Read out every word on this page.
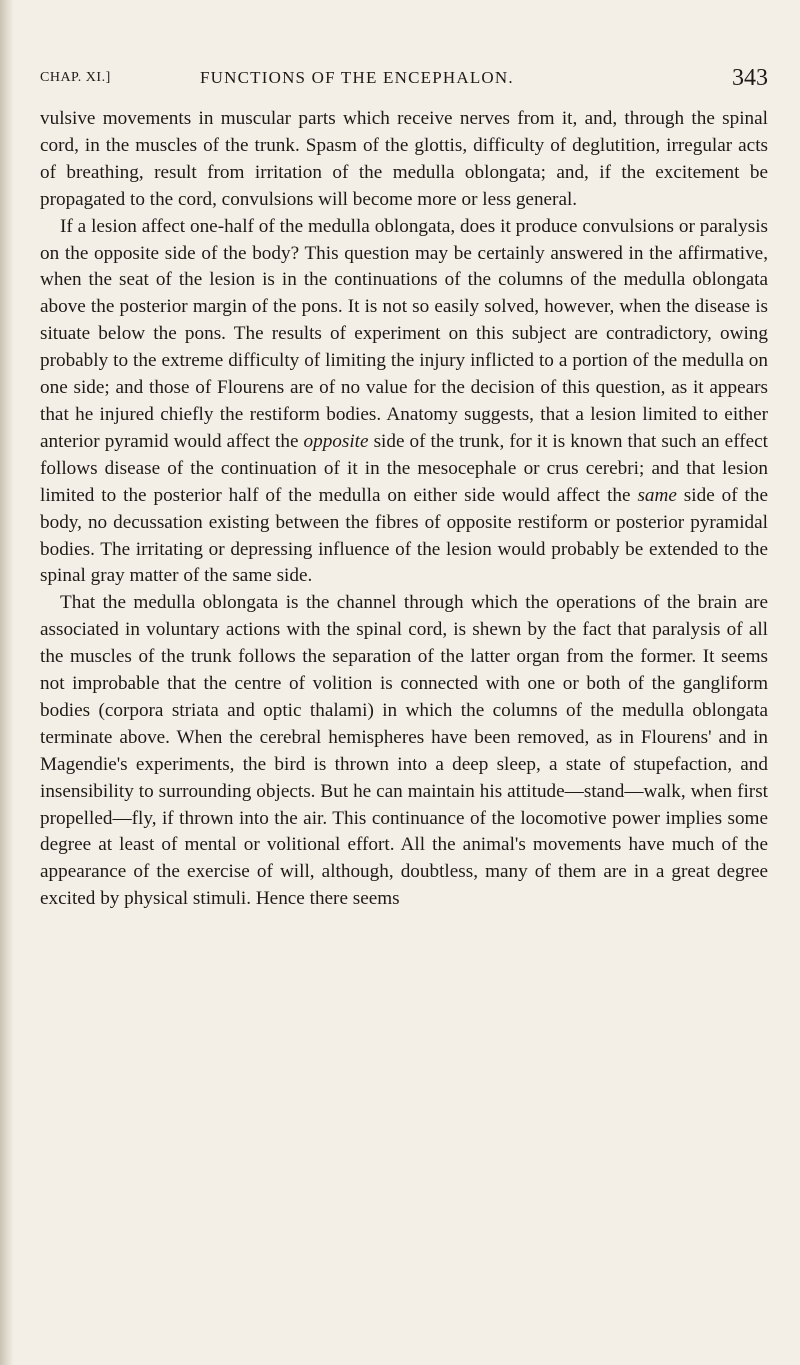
CHAP. XI.]	FUNCTIONS OF THE ENCEPHALON.	343

vulsive movements in muscular parts which receive nerves from it, and, through the spinal cord, in the muscles of the trunk. Spasm of the glottis, difficulty of deglutition, irregular acts of breathing, result from irritation of the medulla oblongata; and, if the excitement be propagated to the cord, convulsions will become more or less general.

If a lesion affect one-half of the medulla oblongata, does it produce convulsions or paralysis on the opposite side of the body? This question may be certainly answered in the affirmative, when the seat of the lesion is in the continuations of the columns of the medulla oblongata above the posterior margin of the pons. It is not so easily solved, however, when the disease is situate below the pons. The results of experiment on this subject are contradictory, owing probably to the extreme difficulty of limiting the injury inflicted to a portion of the medulla on one side; and those of Flourens are of no value for the decision of this question, as it appears that he injured chiefly the restiform bodies. Anatomy suggests, that a lesion limited to either anterior pyramid would affect the opposite side of the trunk, for it is known that such an effect follows disease of the continuation of it in the mesocephale or crus cerebri; and that lesion limited to the posterior half of the medulla on either side would affect the same side of the body, no decussation existing between the fibres of opposite restiform or posterior pyramidal bodies. The irritating or depressing influence of the lesion would probably be extended to the spinal gray matter of the same side.

That the medulla oblongata is the channel through which the operations of the brain are associated in voluntary actions with the spinal cord, is shewn by the fact that paralysis of all the muscles of the trunk follows the separation of the latter organ from the former. It seems not improbable that the centre of volition is connected with one or both of the gangliform bodies (corpora striata and optic thalami) in which the columns of the medulla oblongata terminate above. When the cerebral hemispheres have been removed, as in Flourens' and in Magendie's experiments, the bird is thrown into a deep sleep, a state of stupefaction, and insensibility to surrounding objects. But he can maintain his attitude—stand—walk, when first propelled—fly, if thrown into the air. This continuance of the locomotive power implies some degree at least of mental or volitional effort. All the animal's movements have much of the appearance of the exercise of will, although, doubtless, many of them are in a great degree excited by physical stimuli. Hence there seems
